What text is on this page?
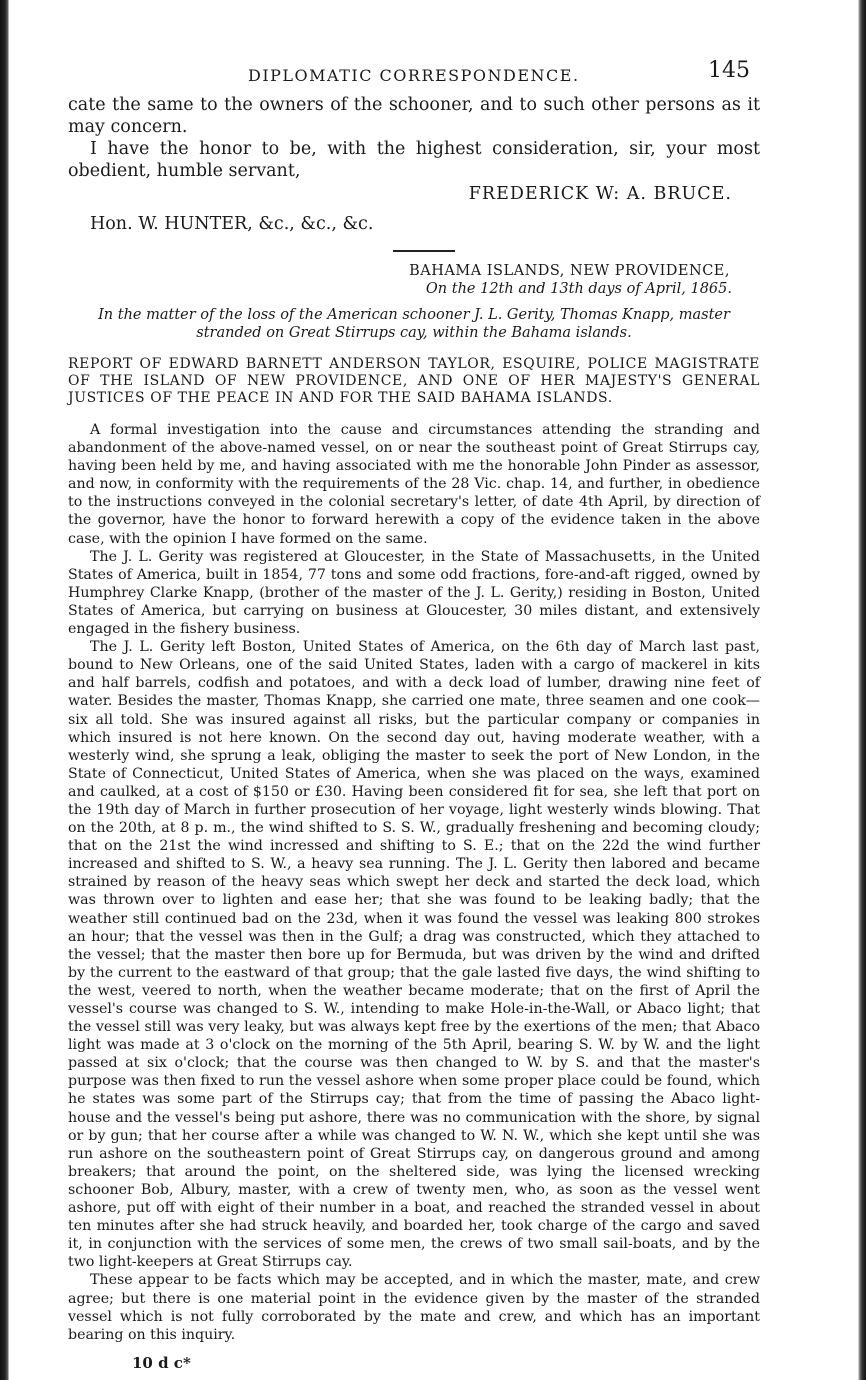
DIPLOMATIC CORRESPONDENCE.	145

cate the same to the owners of the schooner, and to such other persons as it may concern.

I have the honor to be, with the highest consideration, sir, your most obedient, humble servant,

FREDERICK W: A. BRUCE.
Hon. W. HUNTER, &c., &c., &c.
BAHAMA ISLANDS, NEW PROVIDENCE,
On the 12th and 13th days of April, 1865.
In the matter of the loss of the American schooner J. L. Gerity, Thomas Knapp, master stranded on Great Stirrups cay, within the Bahama islands.

REPORT OF EDWARD BARNETT ANDERSON TAYLOR, ESQUIRE, POLICE MAGISTRATE OF THE ISLAND OF NEW PROVIDENCE, AND ONE OF HER MAJESTY'S GENERAL JUSTICES OF THE PEACE IN AND FOR THE SAID BAHAMA ISLANDS.

A formal investigation into the cause and circumstances attending the stranding and abandonment of the above-named vessel, on or near the southeast point of Great Stirrups cay, having been held by me, and having associated with me the honorable John Pinder as assessor, and now, in conformity with the requirements of the 28 Vic. chap. 14, and further, in obedience to the instructions conveyed in the colonial secretary's letter, of date 4th April, by direction of the governor, have the honor to forward herewith a copy of the evidence taken in the above case, with the opinion I have formed on the same.

The J. L. Gerity was registered at Gloucester, in the State of Massachusetts, in the United States of America, built in 1854, 77 tons and some odd fractions, fore-and-aft rigged, owned by Humphrey Clarke Knapp, (brother of the master of the J. L. Gerity,) residing in Boston, United States of America, but carrying on business at Gloucester, 30 miles distant, and extensively engaged in the fishery business.

The J. L. Gerity left Boston, United States of America, on the 6th day of March last past, bound to New Orleans, one of the said United States, laden with a cargo of mackerel in kits and half barrels, codfish and potatoes, and with a deck load of lumber, drawing nine feet of water. Besides the master, Thomas Knapp, she carried one mate, three seamen and one cook—six all told. She was insured against all risks, but the particular company or companies in which insured is not here known. On the second day out, having moderate weather, with a westerly wind, she sprung a leak, obliging the master to seek the port of New London, in the State of Connecticut, United States of America, when she was placed on the ways, examined and caulked, at a cost of $150 or £30. Having been considered fit for sea, she left that port on the 19th day of March in further prosecution of her voyage, light westerly winds blowing. That on the 20th, at 8 p. m., the wind shifted to S. S. W., gradually freshening and becoming cloudy; that on the 21st the wind incressed and shifting to S. E.; that on the 22d the wind further increased and shifted to S. W., a heavy sea running. The J. L. Gerity then labored and became strained by reason of the heavy seas which swept her deck and started the deck load, which was thrown over to lighten and ease her; that she was found to be leaking badly; that the weather still continued bad on the 23d, when it was found the vessel was leaking 800 strokes an hour; that the vessel was then in the Gulf; a drag was constructed, which they attached to the vessel; that the master then bore up for Bermuda, but was driven by the wind and drifted by the current to the eastward of that group; that the gale lasted five days, the wind shifting to the west, veered to north, when the weather became moderate; that on the first of April the vessel's course was changed to S. W., intending to make Hole-in-the-Wall, or Abaco light; that the vessel still was very leaky, but was always kept free by the exertions of the men; that Abaco light was made at 3 o'clock on the morning of the 5th April, bearing S. W. by W. and the light passed at six o'clock; that the course was then changed to W. by S. and that the master's purpose was then fixed to run the vessel ashore when some proper place could be found, which he states was some part of the Stirrups cay; that from the time of passing the Abaco light-house and the vessel's being put ashore, there was no communication with the shore, by signal or by gun; that her course after a while was changed to W. N. W., which she kept until she was run ashore on the southeastern point of Great Stirrups cay, on dangerous ground and among breakers; that around the point, on the sheltered side, was lying the licensed wrecking schooner Bob, Albury, master, with a crew of twenty men, who, as soon as the vessel went ashore, put off with eight of their number in a boat, and reached the stranded vessel in about ten minutes after she had struck heavily, and boarded her, took charge of the cargo and saved it, in conjunction with the services of some men, the crews of two small sail-boats, and by the two light-keepers at Great Stirrups cay.

These appear to be facts which may be accepted, and in which the master, mate, and crew agree; but there is one material point in the evidence given by the master of the stranded vessel which is not fully corroborated by the mate and crew, and which has an important bearing on this inquiry.

10 d c*
